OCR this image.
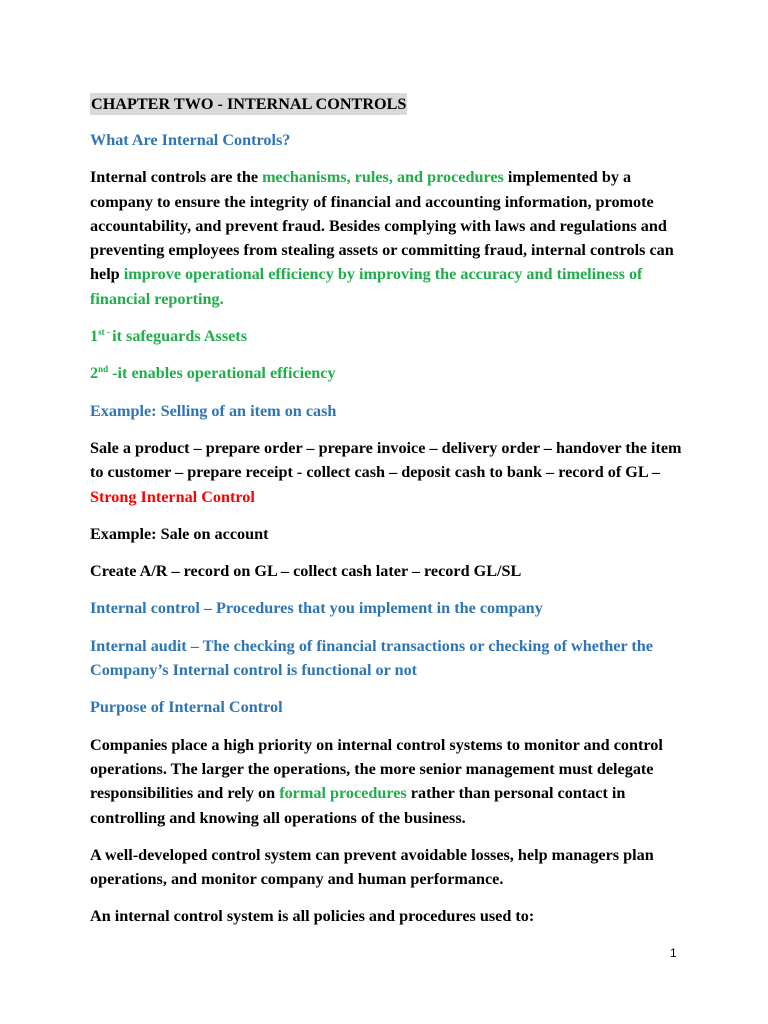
CHAPTER TWO - INTERNAL CONTROLS

What Are Internal Controls?

Internal controls are the mechanisms, rules, and procedures implemented by a company to ensure the integrity of financial and accounting information, promote accountability, and prevent fraud. Besides complying with laws and regulations and preventing employees from stealing assets or committing fraud, internal controls can help improve operational efficiency by improving the accuracy and timeliness of financial reporting.

$1^{st -}$ it safeguards Assets

2nd -it enables operational efficiency

Example: Selling of an item on cash

Sale a product – prepare order – prepare invoice – delivery order – handover the item to customer – prepare receipt - collect cash – deposit cash to bank – record of GL – Strong Internal Control

Example: Sale on account

Create A/R – record on GL – collect cash later – record GL/SL

Internal control – Procedures that you implement in the company

Internal audit – The checking of financial transactions or checking of whether the Company’s Internal control is functional or not

Purpose of Internal Control

Companies place a high priority on internal control systems to monitor and control operations. The larger the operations, the more senior management must delegate responsibilities and rely on formal procedures rather than personal contact in controlling and knowing all operations of the business.

A well-developed control system can prevent avoidable losses, help managers plan operations, and monitor company and human performance.

An internal control system is all policies and procedures used to:

1
